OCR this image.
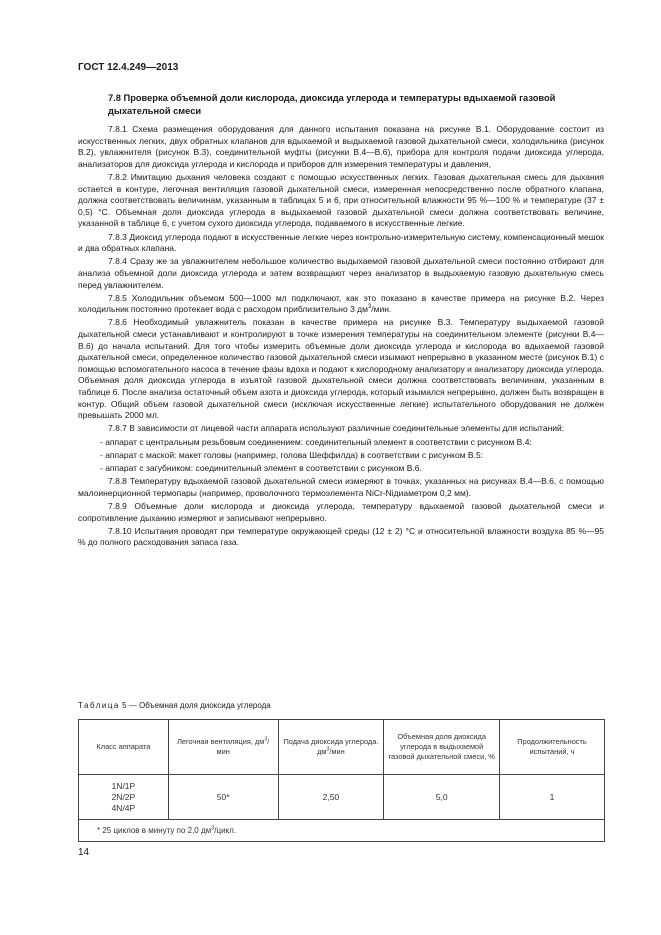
ГОСТ 12.4.249—2013
7.8 Проверка объемной доли кислорода, диоксида углерода и температуры вдыхаемой газовой дыхательной смеси

7.8.1 Схема размещения оборудования для данного испытания показана на рисунке В.1. Оборудование состоит из искусственных легких, двух обратных клапанов для вдыхаемой и выдыхаемой газовой дыхательной смеси, холодильника (рисунок В.2), увлажнителя (рисунок В.3), соединительной муфты (рисунки В.4—В.6), прибора для контроля подачи диоксида углерода, анализаторов для диоксида углерода и кислорода и приборов для измерения температуры и давления,

7.8.2 Имитацию дыхания человека создают с помощью искусственных легких. Газовая дыхательная смесь для дыхания остается в контуре, легочная вентиляция газовой дыхательной смеси, измеренная непосредственно после обратного клапана, должна соответствовать величинам, указанным в таблицах 5 и 6, при относительной влажности 95 %—100 % и температуре (37 ± 0,5) °С. Объемная доля диоксида углерода в выдыхаемой газовой дыхательной смеси должна соответствовать величине, указанной в таблице 6, с учетом сухого диоксида углерода, подаваемого в искусственные легкие.

7.8.3 Диоксид углерода подают в искусственные легкие через контрольно-измерительную систему, компенсационный мешок и два обратных клапана.

7.8.4 Сразу же за увлажнителем небольшое количество выдыхаемой газовой дыхательной смеси постоянно отбирают для анализа объемной доли диоксида углерода и затем возвращают через анализатор в выдыхаемую газовую дыхательную смесь перед увлажнителем.

7.8.5 Холодильник объемом 500—1000 мл подключают, как это показано в качестве примера на рисунке В.2. Через холодильник постоянно протекает вода с расходом приблизительно 3 $дм^3$/мин.

7.8.6 Необходимый увлажнитель показан в качестве примера на рисунке В.3. Температуру выдыхаемой газовой дыхательной смеси устанавливают и контролируют в точке измерения температуры на соединительном элементе (рисунки В.4—В.6) до начала испытаний. Для того чтобы измерить объемные доли диоксида углерода и кислорода во вдыхаемой газовой дыхательной смеси, определенное количество газовой дыхательной смеси изымают непрерывно в указанном месте (рисунок В.1) с помощью вспомогательного насоса в течение фазы вдоха и подают к кислородному анализатору и анализатору диоксида углерода. Объемная доля диоксида углерода в изъятой газовой дыхательной смеси должна соответствовать величинам, указанным в таблице 6. После анализа остаточный объем азота и диоксида углерода, который изымался непрерывно, должен быть возвращен в контур. Общий объем газовой дыхательной смеси (исключая искусственные легкие) испытательного оборудования не должен превышать 2000 мл.

7.8.7 В зависимости от лицевой части аппарата используют различные соединительные элементы для испытаний:

- аппарат с центральным резьбовым соединением: соединительный элемент в соответствии с рисунком В.4:

- аппарат с маской: макет головы (например, голова Шеффилда) в соответствии с рисунком В.5:

- аппарат с загубником: соединительный элемент в соответствии с рисунком В.6.

7.8.8 Температуру вдыхаемой газовой дыхательной смеси измеряют в точках, указанных на рисунках В.4—В.6, с помощью малоинерционной термопары (например, проволочного термоэлемента NiCr-Niдиаметром 0,2 мм).

7.8.9 Объемные доли кислорода и диоксида углерода, температуру вдыхаемой газовой дыхательной смеси и сопротивление дыханию измеряют и записывают непрерывно.

7.8.10 Испытания проводят при температуре окружающей среды (12 ± 2) °С и относительной влажности воздуха 85 %—95 % до полного расходования запаса газа.

Таблица 5 — Объемная доля диоксида углерода
Класс аппарата	Легочная вентиляция, $дм^3$/мин	Подача диоксида углерода. $дм^3$/мин	Объемная доля диоксида углерода в выдыхаемой газовой дыхательной смеси, %	Продолжительность испытаний, ч

1N/1P
2N/2P
4N/4P	50*	2,50	5,0	1
* 25 циклов в минуту по 2,0 $дм^3$/цикл.				
14
